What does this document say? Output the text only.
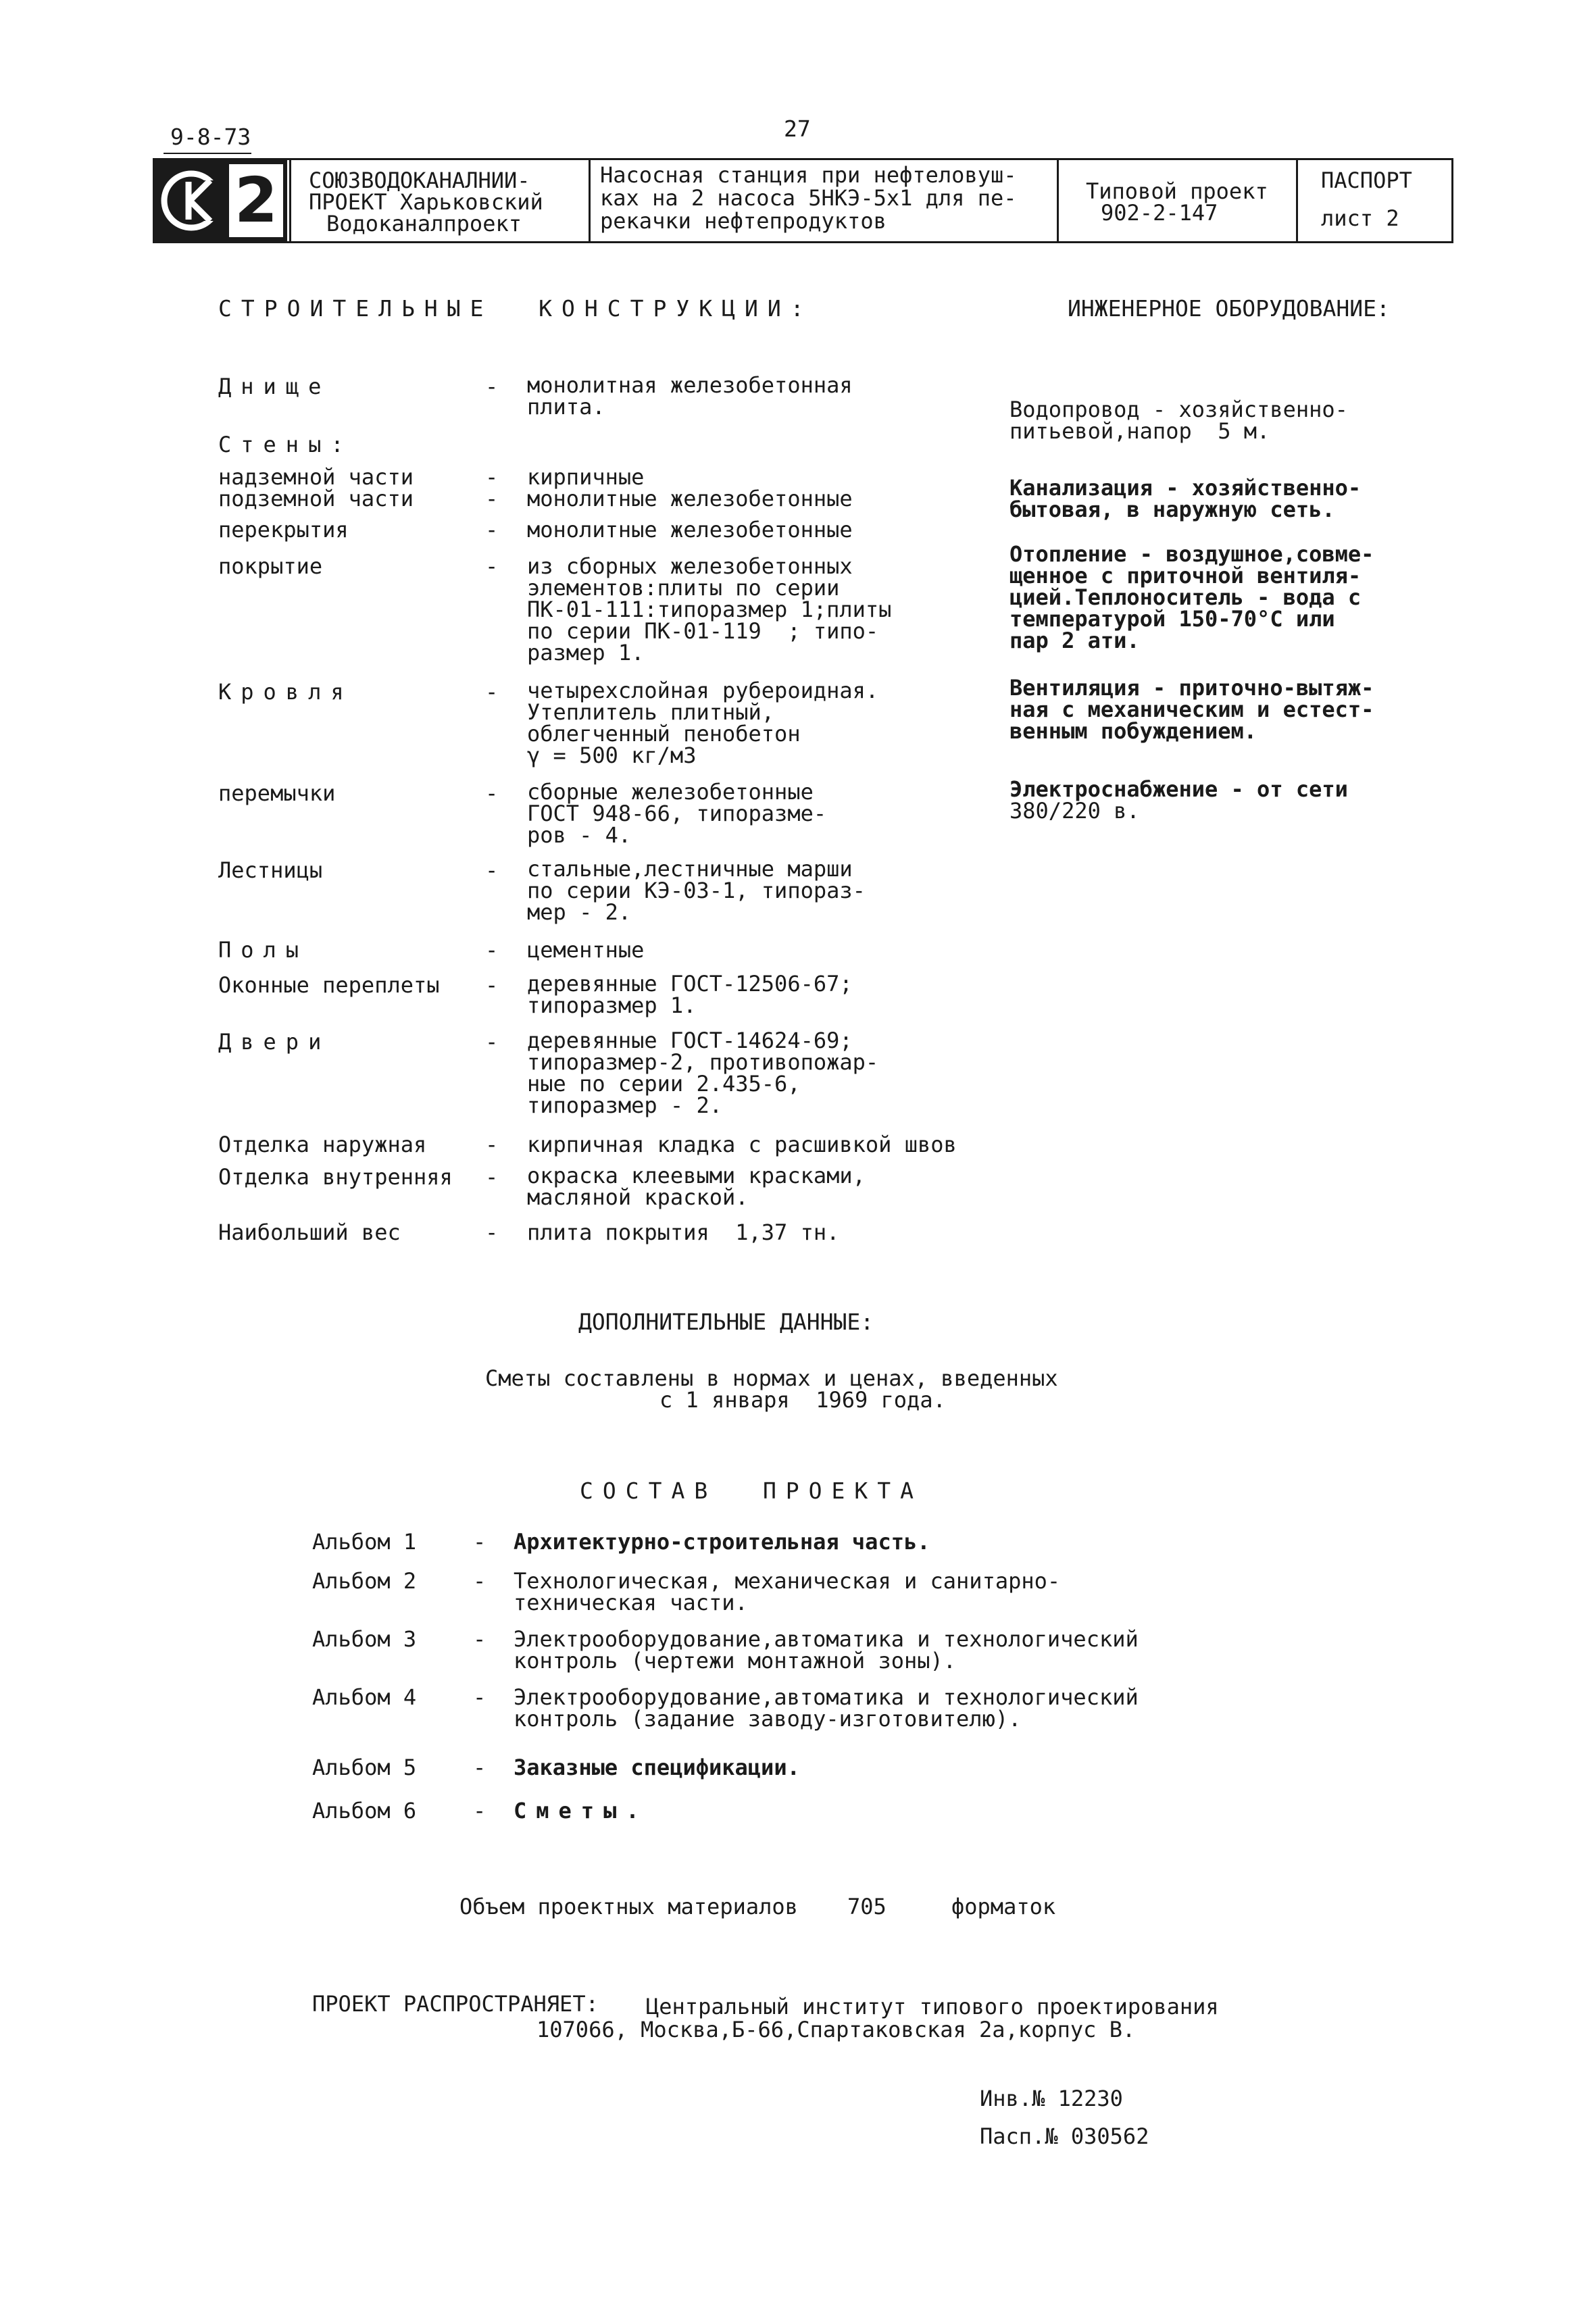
9-8-73	27
2 СОЮЗВОДОКАНАЛНИИ-
ПРОЕКТ Харьковский
Водоканалпроект
Насосная станция при нефтеловуш-
ках на 2 насоса 5НКЭ-5х1 для пе-
рекачки нефтепродуктов
Типовой проект
902-2-147
ПАСПОРТ
лист 2
СТРОИТЕЛЬНЫЕ  КОНСТРУКЦИИ:	ИНЖЕНЕРНОЕ ОБОРУДОВАНИЕ:
Днище	- монолитная железобетонная
плита.
Стены:
надземной части	- кирпичные
подземной части	- монолитные железобетонные
перекрытия	- монолитные железобетонные
покрытие	- из сборных железобетонных
элементов:плиты по серии
ПК-01-111:типоразмер 1;плиты
по серии ПК-01-119  ; типо-
размер 1.
Кровля	- четырехслойная рубероидная.
Утеплитель плитный,
облегченный пенобетон
γ = 500 кг/м3
перемычки	- сборные железобетонные
ГОСТ 948-66, типоразме-
ров - 4.
Лестницы	- стальные,лестничные марши
по серии КЭ-03-1, типораз-
мер - 2.
Полы	- цементные
Оконные переплеты - деревянные ГОСТ-12506-67;
типоразмер 1.
Двери	- деревянные ГОСТ-14624-69;
типоразмер-2, противопожар-
ные по серии 2.435-6,
типоразмер - 2.
Отделка наружная	- кирпичная кладка с расшивкой швов
Отделка внутренняя - окраска клеевыми красками,
масляной краской.
Наибольший вес	- плита покрытия  1,37 тн.
Водопровод - хозяйственно-
питьевой,напор  5 м.
Канализация - хозяйственно-
бытовая, в наружную сеть.
Отопление - воздушное,совме-
щенное с приточной вентиля-
цией.Теплоноситель - вода с
температурой 150-70°С или
пар 2 ати.
Вентиляция - приточно-вытяж-
ная с механическим и естест-
венным побуждением.
Электроснабжение - от сети
380/220 в.
ДОПОЛНИТЕЛЬНЫЕ ДАННЫЕ:
Сметы составлены в нормах и ценах, введенных
с 1 января  1969 года.
СОСТАВ  ПРОЕКТА
Альбом 1	- Архитектурно-строительная часть.
Альбом 2	- Технологическая, механическая и санитарно-
техническая части.
Альбом 3	- Электрооборудование,автоматика и технологический
контроль (чертежи монтажной зоны).
Альбом 4	- Электрооборудование,автоматика и технологический
контроль (задание заводу-изготовителю).
Альбом 5	- Заказные спецификации.
Альбом 6	- Сметы.
Объем проектных материалов 705	форматок
ПРОЕКТ РАСПРОСТРАНЯЕТ: Центральный институт типового проектирования
107066, Москва,Б-66,Спартаковская 2а,корпус В.
Инв.№ 12230
Пасп.№ 030562
